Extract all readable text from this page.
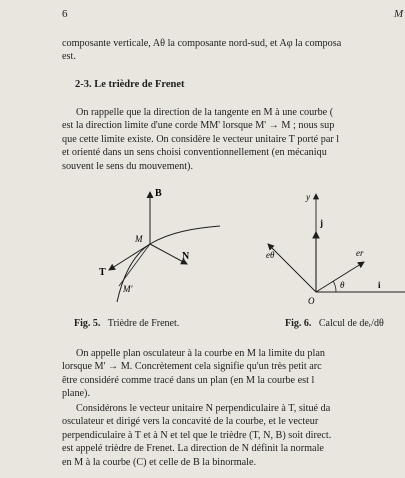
6	M
composante verticale, Aθ la composante nord-sud, et Aφ la composa
est.
2-3. Le trièdre de Frenet
On rappelle que la direction de la tangente en M à une courbe (
est la direction limite d'une corde MM' lorsque M' → M ; nous sup
que cette limite existe. On considère le vecteur unitaire T porté par l
et orienté dans un sens choisi conventionnellement (en mécaniqu
souvent le sens du mouvement).
B
M
N
T
M'
y
j
eθ	er
θ
O
i
Fig. 5. Trièdre de Frenet.	Fig. 6. Calcul de deᵣ/dθ
On appelle plan osculateur à la courbe en M la limite du plan
lorsque M' → M. Concrètement cela signifie qu'un très petit arc
être considéré comme tracé dans un plan (en M la courbe est l
plane).
Considérons le vecteur unitaire N perpendiculaire à T, situé da
osculateur et dirigé vers la concavité de la courbe, et le vecteur
perpendiculaire à T et à N et tel que le trièdre (T, N, B) soit direct.
est appelé trièdre de Frenet. La direction de N définit la normale
en M à la courbe (C) et celle de B la binormale.
